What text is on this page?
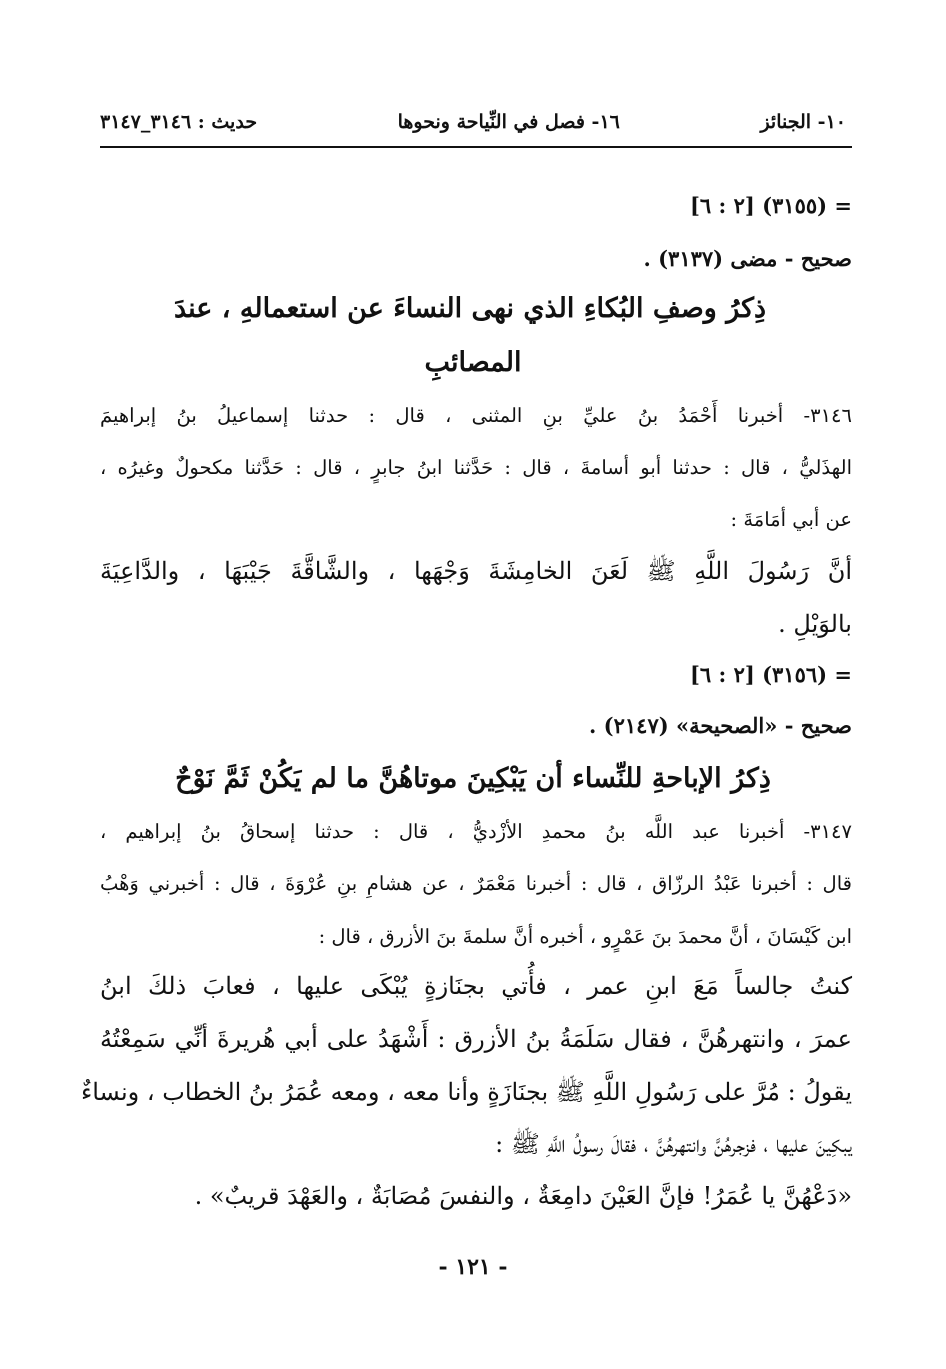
١٠- الجنائز
١٦- فصل في النِّياحة ونحوها
حديث : ٣١٤٦_٣١٤٧
= (٣١٥٥) [٢ : ٦]
صحيح - مضى (٣١٣٧) .
ذِكرُ وصفِ البُكاءِ الذي نهى النساءَ عن استعمالهِ ، عندَ
المصائبِ
٣١٤٦- أخبرنا أَحْمَدُ بنُ عليِّ بنِ المثنى ، قال : حدثنا إسماعيلُ بنُ إبراهيمَ
الهذَليُّ ، قال : حدثنا أبو أسامةَ ، قال : حَدَّثنا ابنُ جابرٍ ، قال : حَدَّثنا مكحولٌ وغيرُه ،
عن أبي أمَامَةَ :
أنَّ رَسُولَ اللَّهِ ﷺ لَعَنَ الخامِشَةَ وَجْهَها ، والشَّاقَّةَ جَيْبَهَا ، والدَّاعِيَةَ
بالوَيْلِ .
= (٣١٥٦) [٢ : ٦]
صحيح - «الصحيحة» (٢١٤٧) .
ذِكرُ الإباحةِ للنِّساء أن يَبْكِينَ موتاهُنَّ ما لم يَكُنْ ثَمَّ نَوْحٌ
٣١٤٧- أخبرنا عبد اللَّه بنُ محمدِ الأزْديُّ ، قال : حدثنا إسحاقُ بنُ إبراهيم ،
قال : أخبرنا عَبْدُ الرزّاق ، قال : أخبرنا مَعْمَرٌ ، عن هشامِ بنِ عُرْوَةَ ، قال : أخبرني وَهْبُ
ابن كَيْسَانَ ، أنَّ محمدَ بنَ عَمْرٍو ، أخبره أنَّ سلمةَ بنَ الأزرق ، قال :
كنتُ جالساً مَعَ ابنِ عمر ، فأُتي بجنَازةٍ يُبْكَى عليها ، فعابَ ذلكَ ابنُ
عمرَ ، وانتهرهُنَّ ، فقال سَلَمَةُ بنُ الأزرق : أَشْهَدُ على أبي هُريرةَ أنِّي سَمِعْتُهُ
يقولُ : مُرَّ على رَسُولِ اللَّهِ ﷺ بجنَازَةٍ وأنا معه ، ومعه عُمَرُ بنُ الخطاب ، ونساءٌ
يبكِينَ عليها ، فزجرهُنَّ وانتهرهُنَّ ، فقالَ رسولُ اللَّهِ ﷺ :
«دَعْهُنَّ يا عُمَرُ! فإنَّ العَيْنَ دامِعَةٌ ، والنفسَ مُصَابَةٌ ، والعَهْدَ قريبٌ» .
- ١٢١ -
